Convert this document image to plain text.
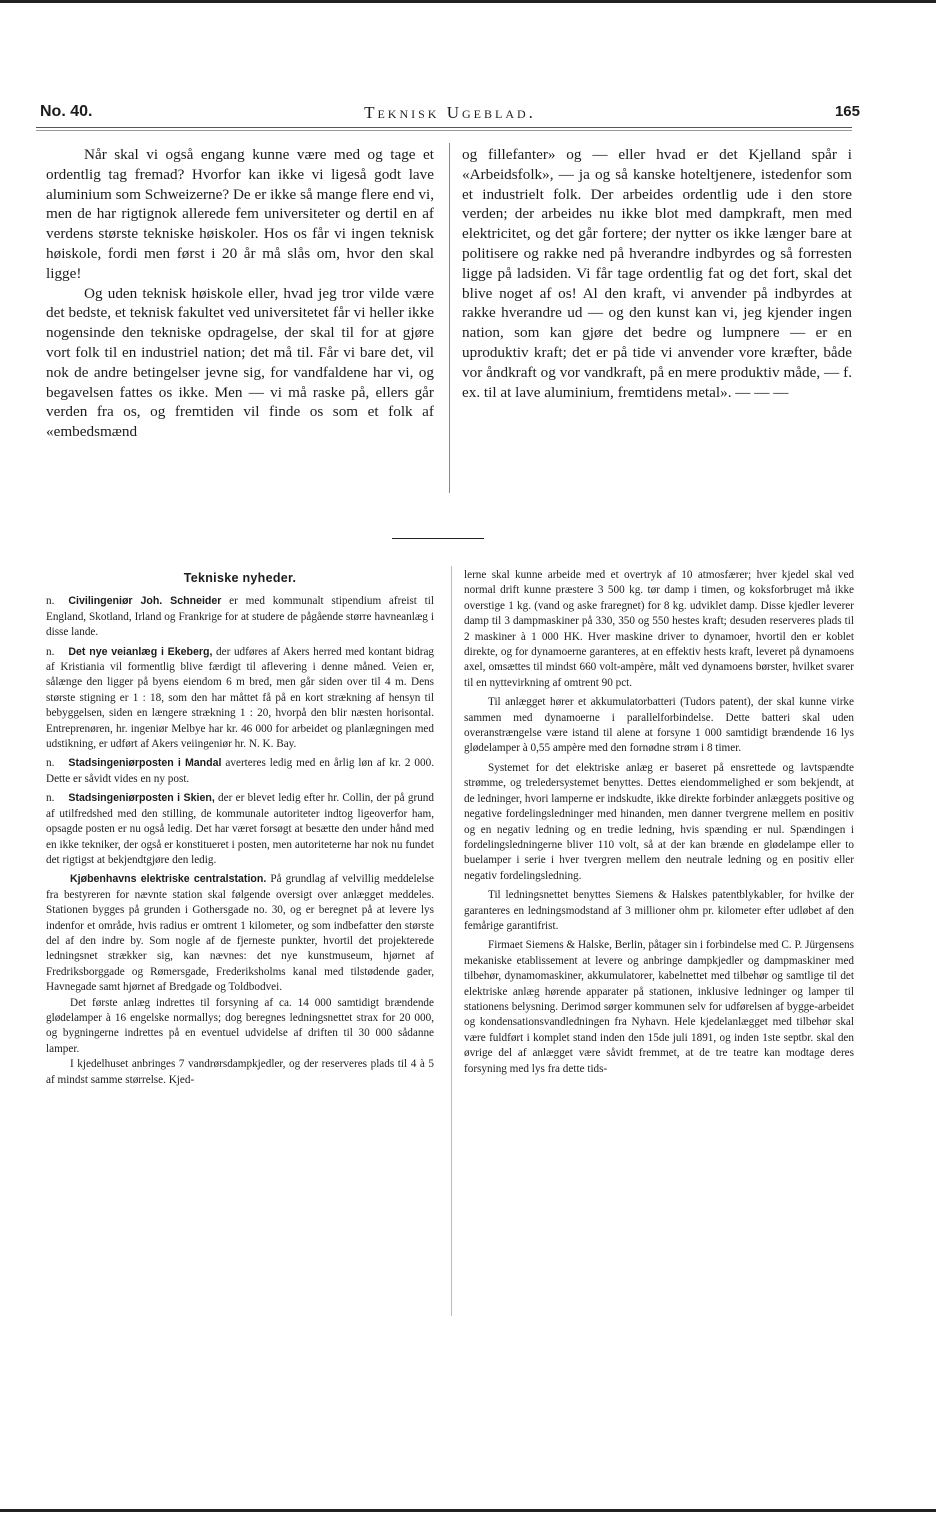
No. 40.	Teknisk Ugeblad.	165

Når skal vi også engang kunne være med og tage et ordentlig tag fremad? Hvorfor kan ikke vi ligeså godt lave aluminium som Schweizerne? De er ikke så mange flere end vi, men de har rigtignok allerede fem universiteter og dertil en af verdens største tekniske høiskoler. Hos os får vi ingen teknisk høiskole, fordi men først i 20 år må slås om, hvor den skal ligge!

Og uden teknisk høiskole eller, hvad jeg tror vilde være det bedste, et teknisk fakultet ved universitetet får vi heller ikke nogensinde den tekniske opdragelse, der skal til for at gjøre vort folk til en industriel nation; det må til. Får vi bare det, vil nok de andre betingelser jevne sig, for vandfaldene har vi, og begavelsen fattes os ikke. Men — vi må raske på, ellers går verden fra os, og fremtiden vil finde os som et folk af «embedsmænd

og fillefanter» og — eller hvad er det Kjelland spår i «Arbeidsfolk», — ja og så kanske hoteltjenere, istedenfor som et industrielt folk. Der arbeides ordentlig ude i den store verden; der arbeides nu ikke blot med dampkraft, men med elektricitet, og det går fortere; der nytter os ikke længer bare at politisere og rakke ned på hverandre indbyrdes og så forresten ligge på ladsiden. Vi får tage ordentlig fat og det fort, skal det blive noget af os! Al den kraft, vi anvender på indbyrdes at rakke hverandre ud — og den kunst kan vi, jeg kjender ingen nation, som kan gjøre det bedre og lumpnere — er en uproduktiv kraft; det er på tide vi anvender vore kræfter, både vor åndkraft og vor vandkraft, på en mere produktiv måde, — f. ex. til at lave aluminium, fremtidens metal». — — —

Tekniske nyheder.

n. Civilingeniør Joh. Schneider er med kommunalt stipendium afreist til England, Skotland, Irland og Frankrige for at studere de pågående større havneanlæg i disse lande.

n. Det nye veianlæg i Ekeberg, der udføres af Akers herred med kontant bidrag af Kristiania vil formentlig blive færdigt til aflevering i denne måned. Veien er, sålænge den ligger på byens eiendom 6 m bred, men går siden over til 4 m. Dens største stigning er 1 : 18, som den har måttet få på en kort strækning af hensyn til bebyggelsen, siden en længere strækning 1 : 20, hvorpå den blir næsten horisontal. Entreprenøren, hr. ingeniør Melbye har kr. 46 000 for arbeidet og planlægningen med udstikning, er udført af Akers veiingeniør hr. N. K. Bay.

n. Stadsingeniørposten i Mandal averteres ledig med en årlig løn af kr. 2 000. Dette er såvidt vides en ny post.

n. Stadsingeniørposten i Skien, der er blevet ledig efter hr. Collin, der på grund af utilfredshed med den stilling, de kommunale autoriteter indtog ligeoverfor ham, opsagde posten er nu også ledig. Det har været forsøgt at besætte den under hånd med en ikke tekniker, der også er konstitueret i posten, men autoriteterne har nok nu fundet det rigtigst at bekjendtgjøre den ledig.

Kjøbenhavns elektriske centralstation. På grundlag af velvillig meddelelse fra bestyreren for nævnte station skal følgende oversigt over anlægget meddeles. Stationen bygges på grunden i Gothersgade no. 30, og er beregnet på at levere lys indenfor et område, hvis radius er omtrent 1 kilometer, og som indbefatter den største del af den indre by. Som nogle af de fjerneste punkter, hvortil det projekterede ledningsnet strækker sig, kan nævnes: det nye kunstmuseum, hjørnet af Fredriksborggade og Rømersgade, Frederiksholms kanal med tilstødende gader, Havnegade samt hjørnet af Bredgade og Toldbodvei.

Det første anlæg indrettes til forsyning af ca. 14 000 samtidigt brændende glødelamper à 16 engelske normallys; dog beregnes ledningsnettet strax for 20 000, og bygningerne indrettes på en eventuel udvidelse af driften til 30 000 sådanne lamper.

I kjedelhuset anbringes 7 vandrørsdampkjedler, og der reserveres plads til 4 à 5 af mindst samme størrelse. Kjed-

lerne skal kunne arbeide med et overtryk af 10 atmosfærer; hver kjedel skal ved normal drift kunne præstere 3 500 kg. tør damp i timen, og koksforbruget må ikke overstige 1 kg. (vand og aske fraregnet) for 8 kg. udviklet damp. Disse kjedler leverer damp til 3 dampmaskiner på 330, 350 og 550 hestes kraft; desuden reserveres plads til 2 maskiner à 1 000 HK. Hver maskine driver to dynamoer, hvortil den er koblet direkte, og for dynamoerne garanteres, at en effektiv hests kraft, leveret på dynamoens axel, omsættes til mindst 660 volt-ampère, målt ved dynamoens børster, hvilket svarer til en nyttevirkning af omtrent 90 pct.

Til anlægget hører et akkumulatorbatteri (Tudors patent), der skal kunne virke sammen med dynamoerne i parallelforbindelse. Dette batteri skal uden overanstrængelse være istand til alene at forsyne 1 000 samtidigt brændende 16 lys glødelamper à 0,55 ampère med den fornødne strøm i 8 timer.

Systemet for det elektriske anlæg er baseret på ensrettede og lavtspændte strømme, og treledersystemet benyttes. Dettes eiendommelighed er som bekjendt, at de ledninger, hvori lamperne er indskudte, ikke direkte forbinder anlæggets positive og negative fordelingsledninger med hinanden, men danner tvergrene mellem en positiv og en negativ ledning og en tredie ledning, hvis spænding er nul. Spændingen i fordelingsledningerne bliver 110 volt, så at der kan brænde en glødelampe eller to buelamper i serie i hver tvergren mellem den neutrale ledning og en positiv eller negativ fordelingsledning.

Til ledningsnettet benyttes Siemens & Halskes patentblykabler, for hvilke der garanteres en ledningsmodstand af 3 millioner ohm pr. kilometer efter udløbet af den femårige garantifrist.

Firmaet Siemens & Halske, Berlin, påtager sin i forbindelse med C. P. Jürgensens mekaniske etablissement at levere og anbringe dampkjedler og dampmaskiner med tilbehør, dynamomaskiner, akkumulatorer, kabelnettet med tilbehør og samtlige til det elektriske anlæg hørende apparater på stationen, inklusive ledninger og lamper til stationens belysning. Derimod sørger kommunen selv for udførelsen af bygge-arbeidet og kondensationsvandledningen fra Nyhavn. Hele kjedelanlægget med tilbehør skal være fuldført i komplet stand inden den 15de juli 1891, og inden 1ste septbr. skal den øvrige del af anlægget være såvidt fremmet, at de tre teatre kan modtage deres forsyning med lys fra dette tids-
